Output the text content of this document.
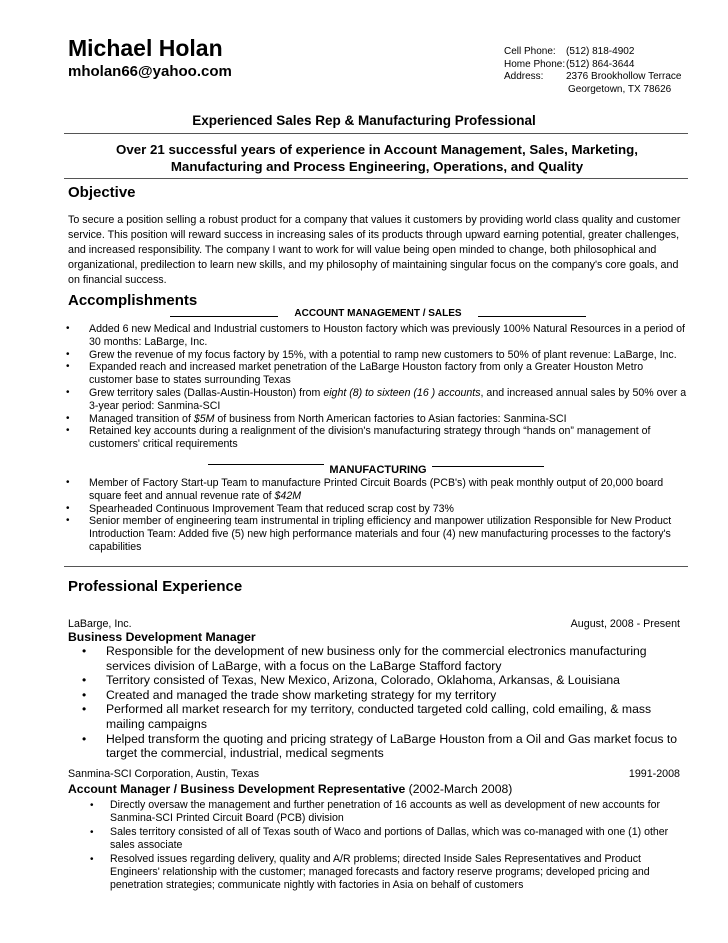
Michael Holan
mholan66@yahoo.com
Cell Phone: (512) 818-4902
Home Phone:(512) 864-3644
Address: 2376 Brookhollow Terrace
Georgetown, TX 78626
Experienced Sales Rep & Manufacturing Professional
Over 21 successful years of experience in Account Management, Sales, Marketing, Manufacturing and Process Engineering, Operations, and Quality
Objective
To secure a position selling a robust product for a company that values it customers by providing world class quality and customer service. This position will reward success in increasing sales of its products through upward earning potential, greater challenges, and increased responsibility. The company I want to work for will value being open minded to change, both philosophical and organizational, predilection to learn new skills, and my philosophy of maintaining singular focus on the company's core goals, and on financial success.
Accomplishments
ACCOUNT MANAGEMENT / SALES
• Added 6 new Medical and Industrial customers to Houston factory which was previously 100% Natural Resources in a period of 30 months: LaBarge, Inc.
• Grew the revenue of my focus factory by 15%, with a potential to ramp new customers to 50% of plant revenue: LaBarge, Inc.
• Expanded reach and increased market penetration of the LaBarge Houston factory from only a Greater Houston Metro customer base to states surrounding Texas
• Grew territory sales (Dallas-Austin-Houston) from eight (8) to sixteen (16 ) accounts, and increased annual sales by 50% over a 3-year period: Sanmina-SCI
• Managed transition of $5M of business from North American factories to Asian factories: Sanmina-SCI
• Retained key accounts during a realignment of the division's manufacturing strategy through “hands on” management of customers' critical requirements
MANUFACTURING
• Member of Factory Start-up Team to manufacture Printed Circuit Boards (PCB's) with peak monthly output of 20,000 board square feet and annual revenue rate of $42M
• Spearheaded Continuous Improvement Team that reduced scrap cost by 73%
• Senior member of engineering team instrumental in tripling efficiency and manpower utilization Responsible for New Product Introduction Team: Added five (5) new high performance materials and four (4) new manufacturing processes to the factory's capabilities
Professional Experience
LaBarge, Inc.	August, 2008 - Present
Business Development Manager
• Responsible for the development of new business only for the commercial electronics manufacturing services division of LaBarge, with a focus on the LaBarge Stafford factory
• Territory consisted of Texas, New Mexico, Arizona, Colorado, Oklahoma, Arkansas, & Louisiana
• Created and managed the trade show marketing strategy for my territory
• Performed all market research for my territory, conducted targeted cold calling, cold emailing, & mass mailing campaigns
• Helped transform the quoting and pricing strategy of LaBarge Houston from a Oil and Gas market focus to target the commercial, industrial, medical segments
Sanmina-SCI Corporation, Austin, Texas	1991-2008
Account Manager / Business Development Representative (2002-March 2008)
• Directly oversaw the management and further penetration of 16 accounts as well as development of new accounts for Sanmina-SCI Printed Circuit Board (PCB) division
• Sales territory consisted of all of Texas south of Waco and portions of Dallas, which was co-managed with one (1) other sales associate
• Resolved issues regarding delivery, quality and A/R problems; directed Inside Sales Representatives and Product Engineers' relationship with the customer; managed forecasts and factory reserve programs; developed pricing and penetration strategies; communicate nightly with factories in Asia on behalf of customers
